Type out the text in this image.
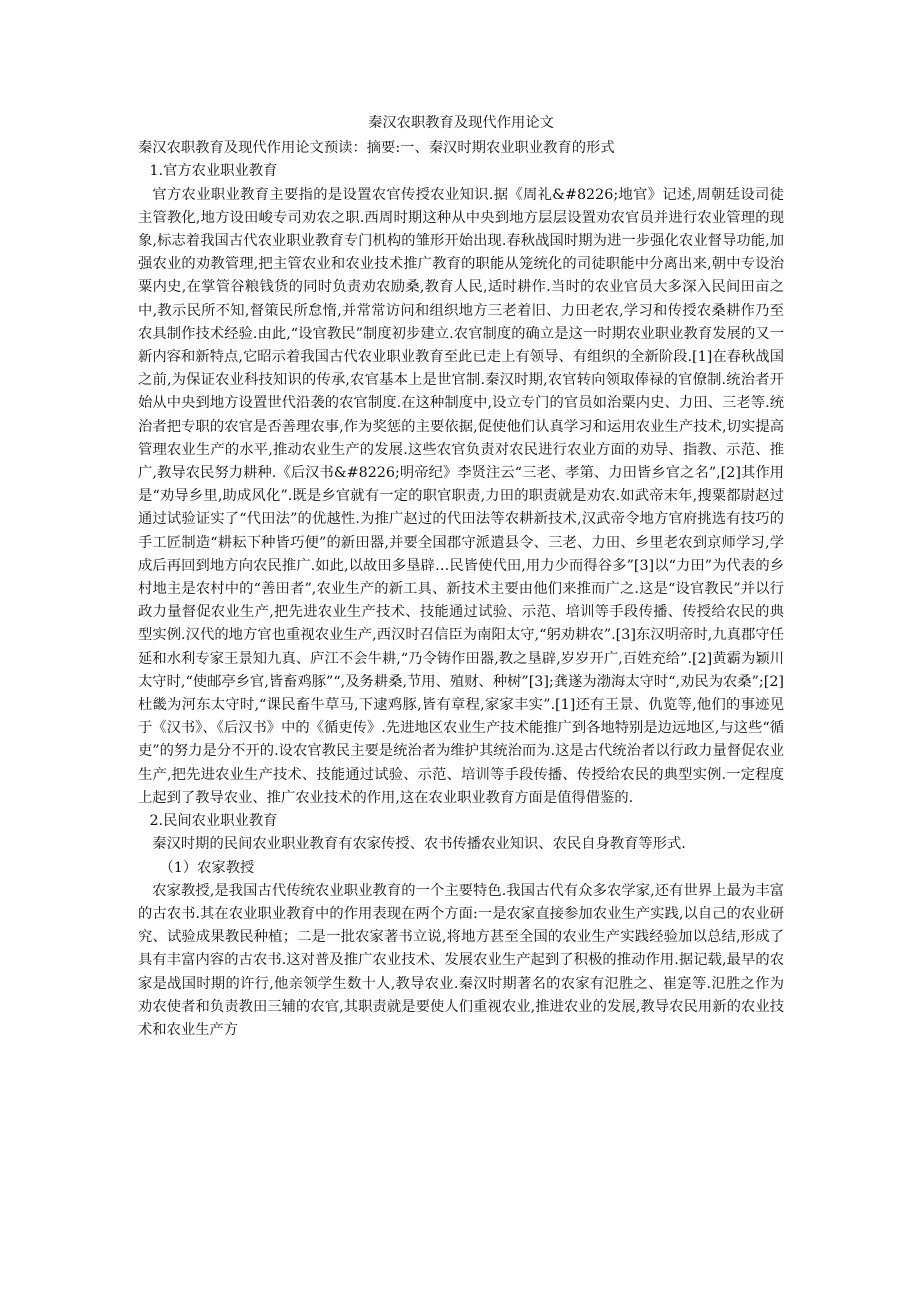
秦汉农职教育及现代作用论文

秦汉农职教育及现代作用论文预读：摘要:一、秦汉时期农业职业教育的形式

1.官方农业职业教育

官方农业职业教育主要指的是设置农官传授农业知识.据《周礼&#8226;地官》记述,周朝廷设司徒主管教化,地方设田峻专司劝农之职.西周时期这种从中央到地方层层设置劝农官员并进行农业管理的现象,标志着我国古代农业职业教育专门机构的雏形开始出现.春秋战国时期为进一步强化农业督导功能,加强农业的劝教管理,把主管农业和农业技术推广教育的职能从笼统化的司徒职能中分离出来,朝中专设治粟内史,在掌管谷粮钱货的同时负责劝农励桑,教育人民,适时耕作.当时的农业官员大多深入民间田亩之中,教示民所不知,督策民所怠惰,并常常访问和组织地方三老着旧、力田老农,学习和传授农桑耕作乃至农具制作技术经验.由此,“设官教民”制度初步建立.农官制度的确立是这一时期农业职业教育发展的又一新内容和新特点,它昭示着我国古代农业职业教育至此已走上有领导、有组织的全新阶段.[1]在春秋战国之前,为保证农业科技知识的传承,农官基本上是世官制.秦汉时期,农官转向领取俸禄的官僚制.统治者开始从中央到地方设置世代沿袭的农官制度.在这种制度中,设立专门的官员如治粟内史、力田、三老等.统治者把专职的农官是否善理农事,作为奖惩的主要依据,促使他们认真学习和运用农业生产技术,切实提高管理农业生产的水平,推动农业生产的发展.这些农官负责对农民进行农业方面的劝导、指教、示范、推广,教导农民努力耕种.《后汉书&#8226;明帝纪》李贤注云“三老、孝第、力田皆乡官之名”,[2]其作用是“劝导乡里,助成风化”.既是乡官就有一定的职官职责,力田的职责就是劝农.如武帝末年,搜粟都尉赵过通过试验证实了“代田法”的优越性.为推广赵过的代田法等农耕新技术,汉武帝令地方官府挑选有技巧的手工匠制造“耕耘下种皆巧便”的新田器,并要全国郡守派遣县令、三老、力田、乡里老农到京师学习,学成后再回到地方向农民推广.如此,以故田多垦辟…民皆使代田,用力少而得谷多”[3]以“力田”为代表的乡村地主是农村中的“善田者”,农业生产的新工具、新技术主要由他们来推而广之.这是“设官教民”并以行政力量督促农业生产,把先进农业生产技术、技能通过试验、示范、培训等手段传播、传授给农民的典型实例.汉代的地方官也重视农业生产,西汉时召信臣为南阳太守,“躬劝耕农”.[3]东汉明帝时,九真郡守任延和水利专家王景知九真、庐江不会牛耕,“乃令铸作田器,教之垦辟,岁岁开广,百姓充给”.[2]黄霸为颖川太守时,“使邮亭乡官,皆畜鸡豚”“,及务耕桑,节用、殖财、种树”[3];龚遂为渤海太守时“,劝民为农桑”;[2]杜畿为河东太守时,“课民畜牛草马,下逮鸡豚,皆有章程,家家丰实”.[1]还有王景、仇览等,他们的事迹见于《汉书》、《后汉书》中的《循吏传》.先进地区农业生产技术能推广到各地特别是边远地区,与这些“循吏”的努力是分不开的.设农官教民主要是统治者为维护其统治而为.这是古代统治者以行政力量督促农业生产,把先进农业生产技术、技能通过试验、示范、培训等手段传播、传授给农民的典型实例.一定程度上起到了教导农业、推广农业技术的作用,这在农业职业教育方面是值得借鉴的.

2.民间农业职业教育

秦汉时期的民间农业职业教育有农家传授、农书传播农业知识、农民自身教育等形式.

（1）农家教授

农家教授,是我国古代传统农业职业教育的一个主要特色.我国古代有众多农学家,还有世界上最为丰富的古农书.其在农业职业教育中的作用表现在两个方面:一是农家直接参加农业生产实践,以自己的农业研究、试验成果教民种植；二是一批农家著书立说,将地方甚至全国的农业生产实践经验加以总结,形成了具有丰富内容的古农书.这对普及推广农业技术、发展农业生产起到了积极的推动作用.据记载,最早的农家是战国时期的许行,他亲领学生数十人,教导农业.秦汉时期著名的农家有氾胜之、崔寔等.氾胜之作为劝农使者和负责教田三辅的农官,其职责就是要使人们重视农业,推进农业的发展,教导农民用新的农业技术和农业生产方
